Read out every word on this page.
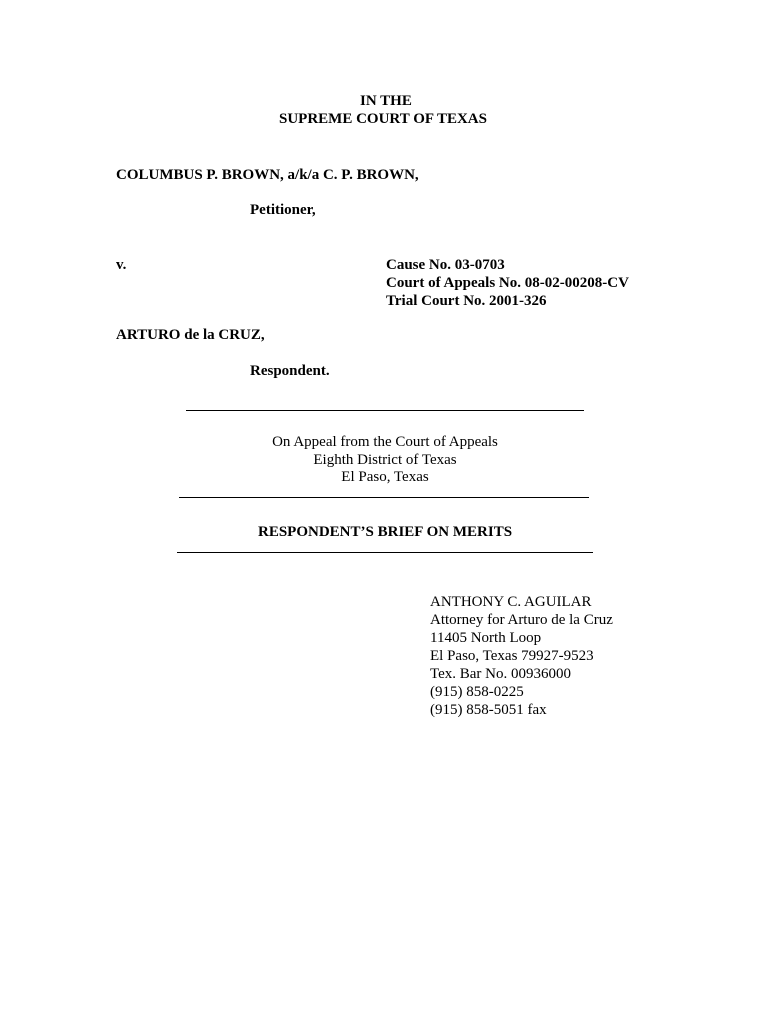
IN THE
SUPREME COURT OF TEXAS
COLUMBUS P. BROWN, a/k/a C. P. BROWN,
Petitioner,
v.	Cause No. 03-0703
Court of Appeals No. 08-02-00208-CV
Trial Court No. 2001-326
ARTURO de la CRUZ,
Respondent.
On Appeal from the Court of Appeals
Eighth District of Texas
El Paso, Texas
RESPONDENT’S BRIEF ON MERITS
ANTHONY C. AGUILAR
Attorney for Arturo de la Cruz
11405 North Loop
El Paso, Texas 79927-9523
Tex. Bar No. 00936000
(915) 858-0225
(915) 858-5051 fax
